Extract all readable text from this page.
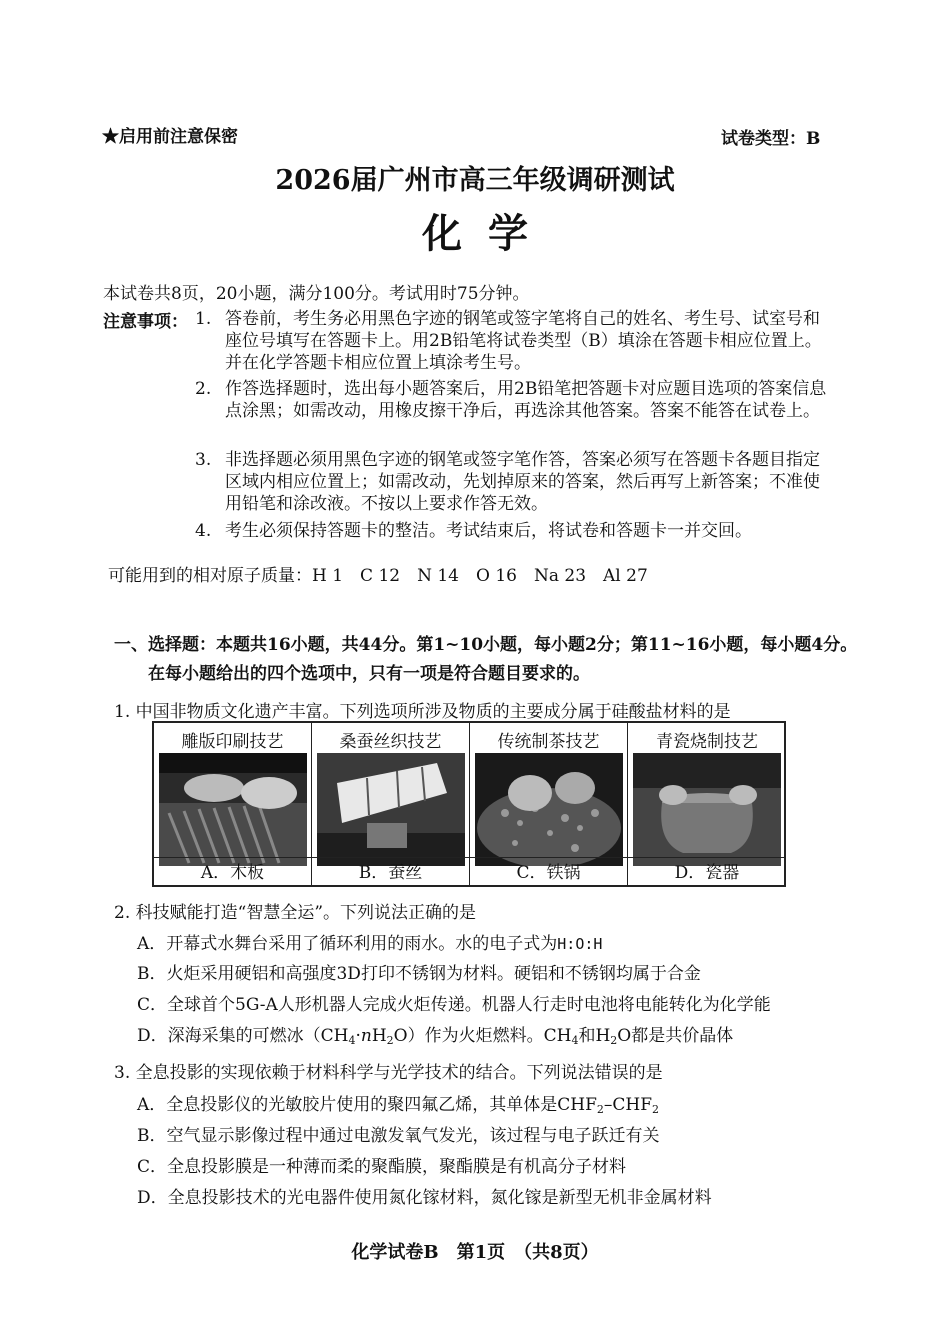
★启用前注意保密	试卷类型：B
2026届广州市高三年级调研测试
化学
本试卷共8页，20小题，满分100分。考试用时75分钟。
注意事项： 1. 答卷前，考生务必用黑色字迹的钢笔或签字笔将自己的姓名、考生号、试室号和座位号填写在答题卡上。用2B铅笔将试卷类型（B）填涂在答题卡相应位置上。并在化学答题卡相应位置上填涂考生号。
2. 作答选择题时，选出每小题答案后，用2B铅笔把答题卡对应题目选项的答案信息点涂黑；如需改动，用橡皮擦干净后，再选涂其他答案。答案不能答在试卷上。
3. 非选择题必须用黑色字迹的钢笔或签字笔作答，答案必须写在答题卡各题目指定区域内相应位置上；如需改动，先划掉原来的答案，然后再写上新答案；不准使用铅笔和涂改液。不按以上要求作答无效。
4. 考生必须保持答题卡的整洁。考试结束后，将试卷和答题卡一并交回。
可能用到的相对原子质量：H 1　C 12　N 14　O 16　Na 23　Al 27
一、选择题：本题共16小题，共44分。第1~10小题，每小题2分；第11~16小题，每小题4分。
在每小题给出的四个选项中，只有一项是符合题目要求的。
1. 中国非物质文化遗产丰富。下列选项所涉及物质的主要成分属于硅酸盐材料的是
雕版印刷技艺
A．木板
桑蚕丝织技艺
B．蚕丝
传统制茶技艺
C．铁锅
青瓷烧制技艺
D．瓷器
2. 科技赋能打造“智慧全运”。下列说法正确的是
A．开幕式水舞台采用了循环利用的雨水。水的电子式为H:O:H
B．火炬采用硬铝和高强度3D打印不锈钢为材料。硬铝和不锈钢均属于合金
C．全球首个5G-A人形机器人完成火炬传递。机器人行走时电池将电能转化为化学能
D．深海采集的可燃冰$(CH_4\cdot nH_2O)$作为火炬燃料。$CH_4$和$H_2O$都是共价晶体
3. 全息投影的实现依赖于材料科学与光学技术的结合。下列说法错误的是
A．全息投影仪的光敏胶片使用的聚四氟乙烯，其单体是$CHF_2-CHF_2$
B．空气显示影像过程中通过电激发氧气发光，该过程与电子跃迁有关
C．全息投影膜是一种薄而柔的聚酯膜，聚酯膜是有机高分子材料
D．全息投影技术的光电器件使用氮化镓材料，氮化镓是新型无机非金属材料
化学试卷B　第1页　（共8页）
